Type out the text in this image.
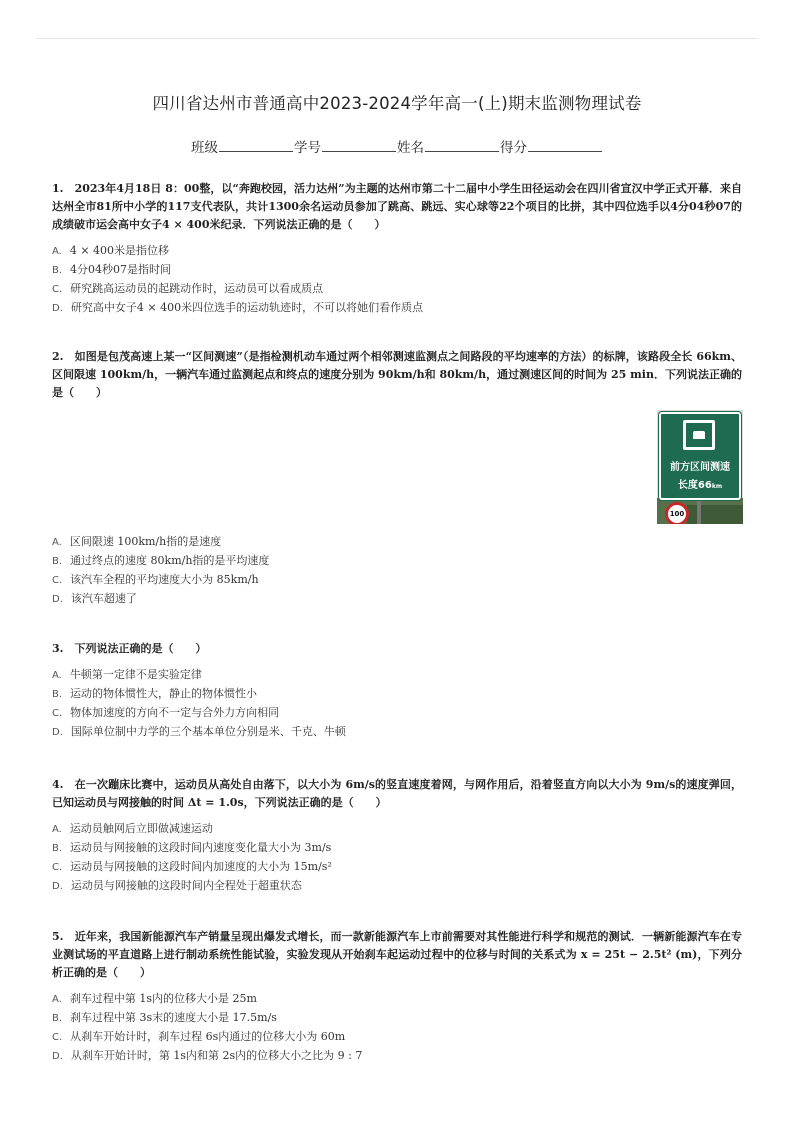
四川省达州市普通高中2023-2024学年高一(上)期末监测物理试卷
班级	学号	姓名	得分

1.　2023年4月18日 8：00整，以“奔跑校园，活力达州”为主题的达州市第二十二届中小学生田径运动会在四川省宣汉中学正式开幕．来自达州全市81所中小学的117支代表队，共计1300余名运动员参加了跳高、跳远、实心球等22个项目的比拼，其中四位选手以4分04秒07的成绩破市运会高中女子4 × 400米纪录．下列说法正确的是（　　）

A. 4 × 400米是指位移

B. 4分04秒07是指时间

C. 研究跳高运动员的起跳动作时，运动员可以看成质点

D. 研究高中女子4 × 400米四位选手的运动轨迹时，不可以将她们看作质点

2.　如图是包茂高速上某一“区间测速”（是指检测机动车通过两个相邻测速监测点之间路段的平均速率的方法）的标牌，该路段全长 66km、区间限速 100km/h，一辆汽车通过监测起点和终点的速度分别为 90km/h和 80km/h，通过测速区间的时间为 25 min．下列说法正确的是（　　）

前方区间测速
长度66km
100

A. 区间限速 100km/h指的是速度

B. 通过终点的速度 80km/h指的是平均速度

C. 该汽车全程的平均速度大小为 85km/h

D. 该汽车超速了

3.　下列说法正确的是（　　）

A. 牛顿第一定律不是实验定律

B. 运动的物体惯性大，静止的物体惯性小

C. 物体加速度的方向不一定与合外力方向相同

D. 国际单位制中力学的三个基本单位分别是米、千克、牛顿

4.　在一次蹦床比赛中，运动员从高处自由落下，以大小为 6m/s的竖直速度着网，与网作用后，沿着竖直方向以大小为 9m/s的速度弹回，已知运动员与网接触的时间 Δt = 1.0s，下列说法正确的是（　　）

A. 运动员触网后立即做减速运动

B. 运动员与网接触的这段时间内速度变化量大小为 3m/s

C. 运动员与网接触的这段时间内加速度的大小为 15m/s²

D. 运动员与网接触的这段时间内全程处于超重状态

5.　近年来，我国新能源汽车产销量呈现出爆发式增长，而一款新能源汽车上市前需要对其性能进行科学和规范的测试．一辆新能源汽车在专业测试场的平直道路上进行制动系统性能试验，实验发现从开始刹车起运动过程中的位移与时间的关系式为 x = 25t − 2.5t² (m)，下列分析正确的是（　　）

A. 刹车过程中第 1s内的位移大小是 25m

B. 刹车过程中第 3s末的速度大小是 17.5m/s

C. 从刹车开始计时，刹车过程 6s内通过的位移大小为 60m

D. 从刹车开始计时，第 1s内和第 2s内的位移大小之比为 9 : 7
